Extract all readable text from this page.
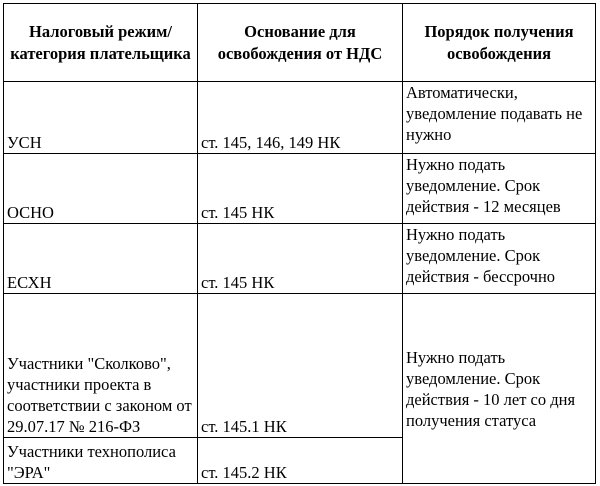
Налоговый режим/категория плательщика	Основание для освобождения от НДС	Порядок получения освобождения
УСН	ст. 145, 146, 149 НК	Автоматически, уведомление подавать не нужно
ОСНО	ст. 145 НК	Нужно подать уведомление. Срок действия - 12 месяцев
ЕСХН	ст. 145 НК	Нужно подать уведомление. Срок действия - бессрочно
Участники "Сколково", участники проекта в соответствии с законом от 29.07.17 № 216-ФЗ	ст. 145.1 НК	Нужно подать уведомление. Срок действия - 10 лет со дня получения статуса
Участники технополиса "ЭРА"	ст. 145.2 НК	
